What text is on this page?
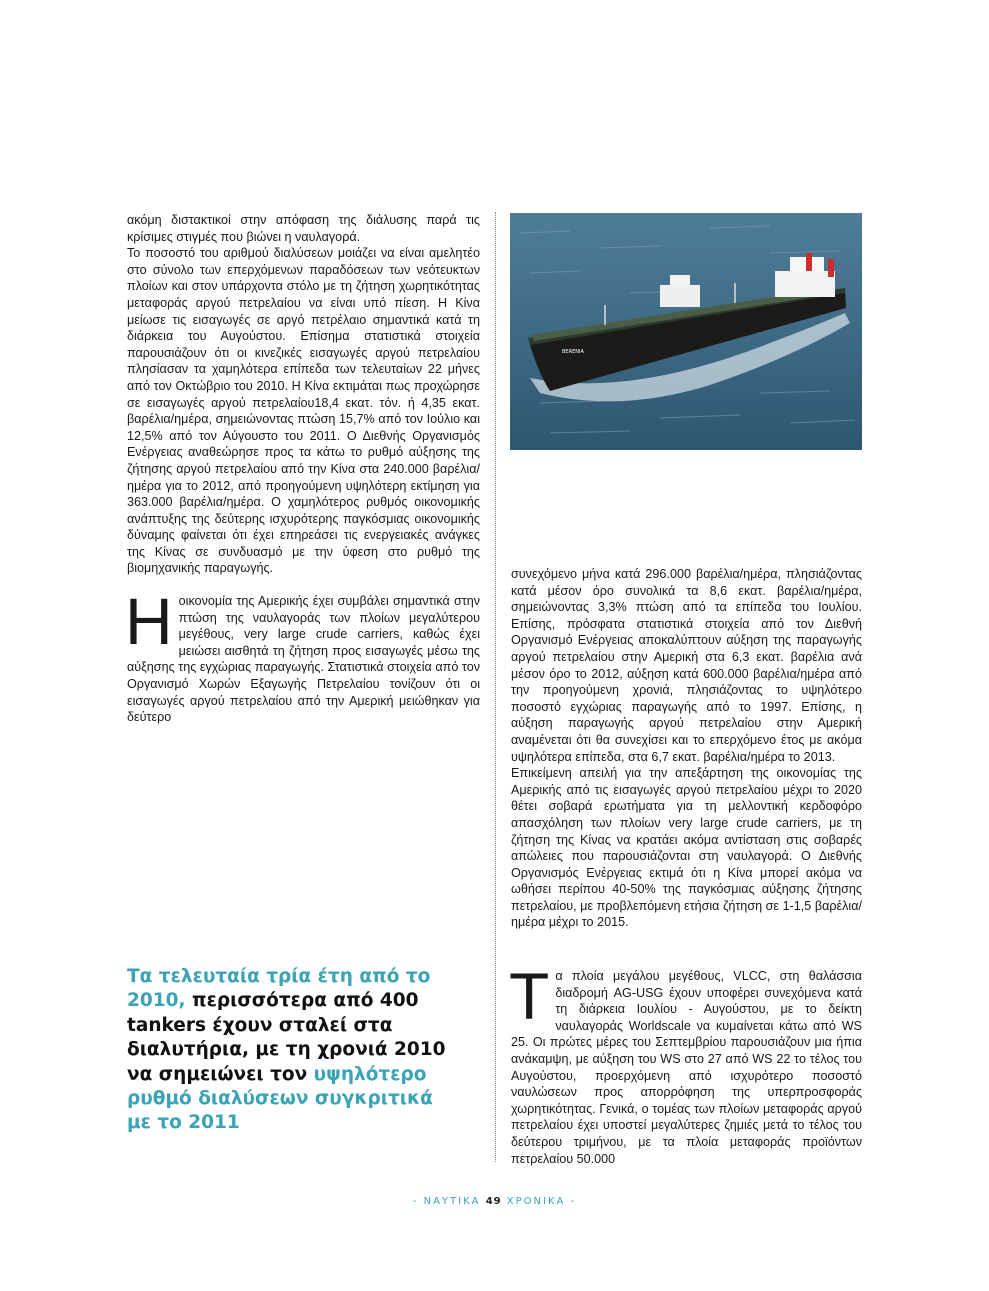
ακόμη διστακτικοί στην απόφαση της διάλυσης παρά τις κρίσιμες στιγμές που βιώνει η ναυλαγορά.

Το ποσοστό του αριθμού διαλύσεων μοιάζει να είναι αμελητέο στο σύνολο των επερχόμενων παραδόσεων των νεότευκτων πλοίων και στον υπάρχοντα στόλο με τη ζήτηση χωρητικότητας μεταφοράς αργού πετρελαίου να είναι υπό πίεση. Η Κίνα μείωσε τις εισαγωγές σε αργό πετρέλαιο σημαντικά κατά τη διάρκεια του Αυγούστου. Επίσημα στατιστικά στοιχεία παρουσιάζουν ότι οι κινεζικές εισαγωγές αργού πετρελαίου πλησίασαν τα χαμηλότερα επίπεδα των τελευταίων 22 μήνες από τον Οκτώβριο του 2010. Η Κίνα εκτιμάται πως προχώρησε σε εισαγωγές αργού πετρελαίου18,4 εκατ. τόν. ή 4,35 εκατ. βαρέλια/ημέρα, σημειώνοντας πτώση 15,7% από τον Ιούλιο και 12,5% από τον Αύγουστο του 2011. Ο Διεθνής Οργανισμός Ενέργειας αναθεώρησε προς τα κάτω το ρυθμό αύξησης της ζήτησης αργού πετρελαίου από την Κίνα στα 240.000 βαρέλια/ημέρα για το 2012, από προηγούμενη υψηλότερη εκτίμηση για 363.000 βαρέλια/ημέρα. Ο χαμηλότερος ρυθμός οικονομικής ανάπτυξης της δεύτερης ισχυρότερης παγκόσμιας οικονομικής δύναμης φαίνεται ότι έχει επηρεάσει τις ενεργειακές ανάγκες της Κίνας σε συνδυασμό με την ύφεση στο ρυθμό της βιομηχανικής παραγωγής.

Η οικονομία της Αμερικής έχει συμβάλει σημαντικά στην πτώση της ναυλαγοράς των πλοίων μεγαλύτερου μεγέθους, very large crude carriers, καθώς έχει μειώσει αισθητά τη ζήτηση προς εισαγωγές μέσω της αύξησης της εγχώριας παραγωγής. Στατιστικά στοιχεία από τον Οργανισμό Χωρών Εξαγωγής Πετρελαίου τονίζουν ότι οι εισαγωγές αργού πετρελαίου από την Αμερική μειώθηκαν για δεύτερο

BERENIA

συνεχόμενο μήνα κατά 296.000 βαρέλια/ημέρα, πλησιάζοντας κατά μέσον όρο συνολικά τα 8,6 εκατ. βαρέλια/ημέρα, σημειώνοντας 3,3% πτώση από τα επίπεδα του Ιουλίου. Επίσης, πρόσφατα στατιστικά στοιχεία από τον Διεθνή Οργανισμό Ενέργειας αποκαλύπτουν αύξηση της παραγωγής αργού πετρελαίου στην Αμερική στα 6,3 εκατ. βαρέλια ανά μέσον όρο το 2012, αύξηση κατά 600.000 βαρέλια/ημέρα από την προηγούμενη χρονιά, πλησιάζοντας το υψηλότερο ποσοστό εγχώριας παραγωγής από το 1997. Επίσης, η αύξηση παραγωγής αργού πετρελαίου στην Αμερική αναμένεται ότι θα συνεχίσει και το επερχόμενο έτος με ακόμα υψηλότερα επίπεδα, στα 6,7 εκατ. βαρέλια/ημέρα το 2013.

Επικείμενη απειλή για την απεξάρτηση της οικονομίας της Αμερικής από τις εισαγωγές αργού πετρελαίου μέχρι το 2020 θέτει σοβαρά ερωτήματα για τη μελλοντική κερδοφόρο απασχόληση των πλοίων very large crude carriers, με τη ζήτηση της Κίνας να κρατάει ακόμα αντίσταση στις σοβαρές απώλειες που παρουσιάζονται στη ναυλαγορά. Ο Διεθνής Οργανισμός Ενέργειας εκτιμά ότι η Κίνα μπορεί ακόμα να ωθήσει περίπου 40-50% της παγκόσμιας αύξησης ζήτησης πετρελαίου, με προβλεπόμενη ετήσια ζήτηση σε 1-1,5 βαρέλια/ημέρα μέχρι το 2015.

Τα πλοία μεγάλου μεγέθους, VLCC, στη θαλάσσια διαδρομή AG-USG έχουν υποφέρει συνεχόμενα κατά τη διάρκεια Ιουλίου - Αυγούστου, με το δείκτη ναυλαγοράς Worldscale να κυμαίνεται κάτω από WS 25. Οι πρώτες μέρες του Σεπτεμβρίου παρουσιάζουν μια ήπια ανάκαμψη, με αύξηση του WS στο 27 από WS 22 το τέλος του Αυγούστου, προερχόμενη από ισχυρότερο ποσοστό ναυλώσεων προς απορρόφηση της υπερπροσφοράς χωρητικότητας. Γενικά, ο τομέας των πλοίων μεταφοράς αργού πετρελαίου έχει υποστεί μεγαλύτερες ζημιές μετά το τέλος του δεύτερου τριμήνου, με τα πλοία μεταφοράς προϊόντων πετρελαίου 50.000

Τα τελευταία τρία έτη από το 2010, περισσότερα από 400 tankers έχουν σταλεί στα διαλυτήρια, με τη χρονιά 2010 να σημειώνει τον υψηλότερο ρυθμό διαλύσεων συγκριτικά με το 2011
- ΝΑΥΤΙΚΑ 49 ΧΡΟΝΙΚΑ -
